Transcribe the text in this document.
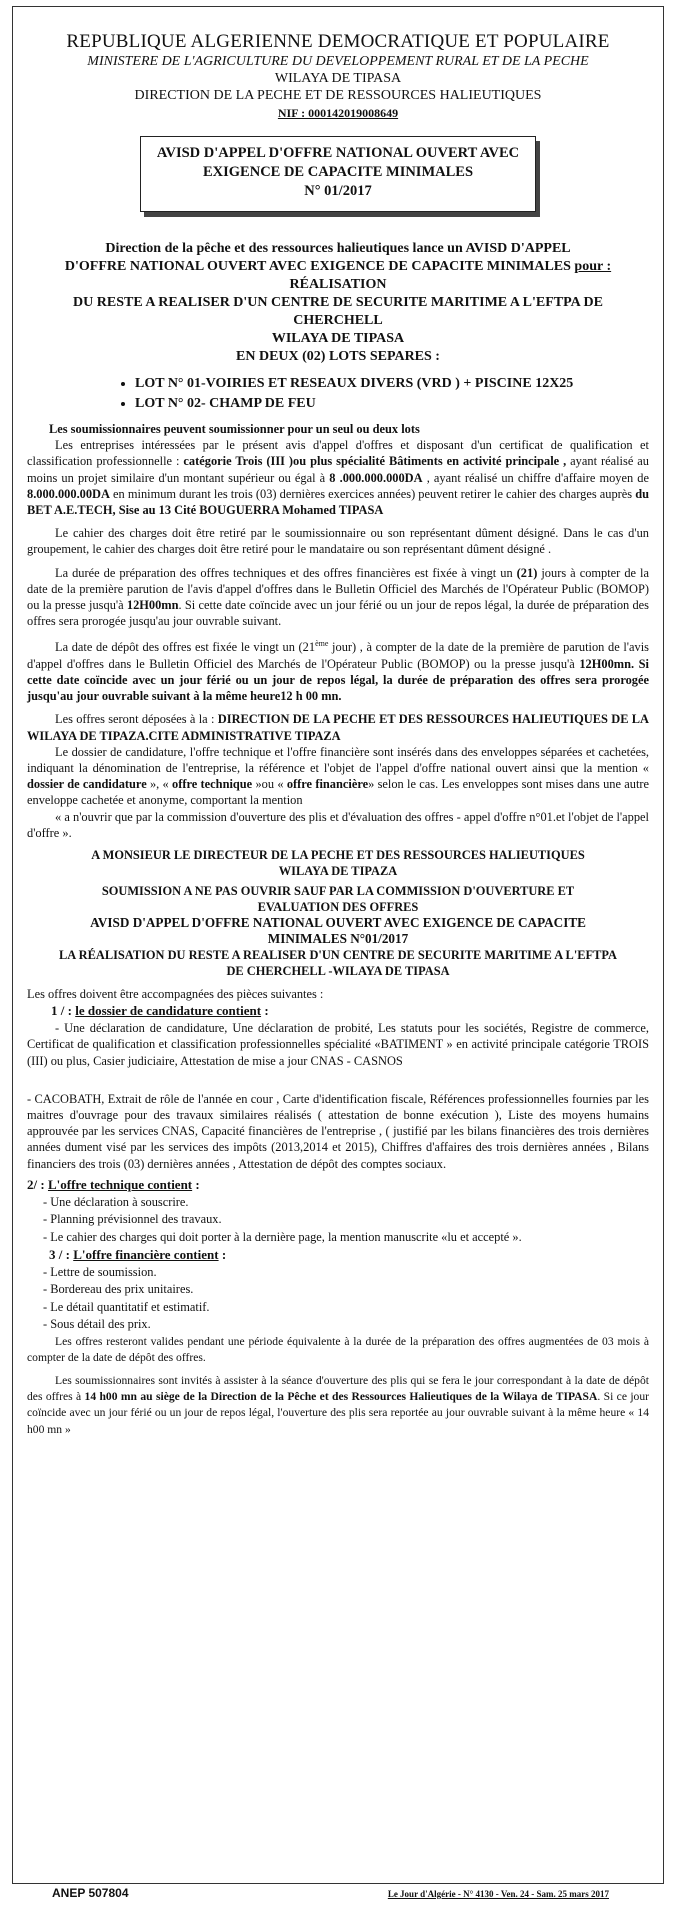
REPUBLIQUE ALGERIENNE DEMOCRATIQUE ET POPULAIRE
MINISTERE DE L'AGRICULTURE DU DEVELOPPEMENT RURAL ET DE LA PECHE
WILAYA DE TIPASA
DIRECTION DE LA PECHE ET DE RESSOURCES HALIEUTIQUES
NIF : 000142019008649
AVISD D'APPEL D'OFFRE NATIONAL OUVERT AVEC
EXIGENCE DE CAPACITE MINIMALES
N° 01/2017
Direction de la pêche et des ressources halieutiques lance un AVISD D'APPEL
D'OFFRE NATIONAL OUVERT AVEC EXIGENCE DE CAPACITE MINIMALES pour : RÉALISATION
DU RESTE A REALISER D'UN CENTRE DE SECURITE MARITIME A L'EFTPA DE CHERCHELL
WILAYA DE TIPASA
EN DEUX (02) LOTS SEPARES :
• LOT N° 01-VOIRIES ET RESEAUX DIVERS (VRD ) + PISCINE 12X25
• LOT N° 02- CHAMP DE FEU

Les soumissionnaires peuvent soumissionner pour un seul ou deux lots

Les entreprises intéressées par le présent avis d'appel d'offres et disposant d'un certificat de qualification et classification professionnelle : catégorie Trois (III )ou plus spécialité Bâtiments en activité principale , ayant réalisé au moins un projet similaire d'un montant supérieur ou égal à 8 .000.000.000DA , ayant réalisé un chiffre d'affaire moyen de 8.000.000.00DA en minimum durant les trois (03) dernières exercices années) peuvent retirer le cahier des charges auprès du BET A.E.TECH, Sise au 13 Cité BOUGUERRA Mohamed TIPASA

Le cahier des charges doit être retiré par le soumissionnaire ou son représentant dûment désigné. Dans le cas d'un groupement, le cahier des charges doit être retiré pour le mandataire ou son représentant dûment désigné .

La durée de préparation des offres techniques et des offres financières est fixée à vingt un (21) jours à compter de la date de la première parution de l'avis d'appel d'offres dans le Bulletin Officiel des Marchés de l'Opérateur Public (BOMOP) ou la presse jusqu'à 12H00mn. Si cette date coïncide avec un jour férié ou un jour de repos légal, la durée de préparation des offres sera prorogée jusqu'au jour ouvrable suivant.

La date de dépôt des offres est fixée le vingt un (21ème jour) , à compter de la date de la première de parution de l'avis d'appel d'offres dans le Bulletin Officiel des Marchés de l'Opérateur Public (BOMOP) ou la presse jusqu'à 12H00mn. Si cette date coïncide avec un jour férié ou un jour de repos légal, la durée de préparation des offres sera prorogée jusqu'au jour ouvrable suivant à la même heure12 h 00 mn.

Les offres seront déposées à la : DIRECTION DE LA PECHE ET DES RESSOURCES HALIEUTIQUES DE LA WILAYA DE TIPAZA.CITE ADMINISTRATIVE TIPAZA

Le dossier de candidature, l'offre technique et l'offre financière sont insérés dans des enveloppes séparées et cachetées, indiquant la dénomination de l'entreprise, la référence et l'objet de l'appel d'offre national ouvert ainsi que la mention « dossier de candidature », « offre technique »ou « offre financière» selon le cas. Les enveloppes sont mises dans une autre enveloppe cachetée et anonyme, comportant la mention

« a n'ouvrir que par la commission d'ouverture des plis et d'évaluation des offres - appel d'offre n°01.et l'objet de l'appel d'offre ».

A MONSIEUR LE DIRECTEUR DE LA PECHE ET DES RESSOURCES HALIEUTIQUES
WILAYA DE TIPAZA
SOUMISSION A NE PAS OUVRIR SAUF PAR LA COMMISSION D'OUVERTURE ET
EVALUATION DES OFFRES
AVISD D'APPEL D'OFFRE NATIONAL OUVERT AVEC EXIGENCE DE CAPACITE
MINIMALES N°01/2017
LA RÉALISATION DU RESTE A REALISER D'UN CENTRE DE SECURITE MARITIME A L'EFTPA
DE CHERCHELL -WILAYA DE TIPASA

Les offres doivent être accompagnées des pièces suivantes :

1 / : le dossier de candidature contient :

- Une déclaration de candidature, Une déclaration de probité, Les statuts pour les sociétés, Registre de commerce, Certificat de qualification et classification professionnelles spécialité «BATIMENT » en activité principale catégorie TROIS (III) ou plus, Casier judiciaire, Attestation de mise a jour CNAS - CASNOS

- CACOBATH, Extrait de rôle de l'année en cour , Carte d'identification fiscale, Références professionnelles fournies par les maitres d'ouvrage pour des travaux similaires réalisés ( attestation de bonne exécution ), Liste des moyens humains approuvée par les services CNAS, Capacité financières de l'entreprise , ( justifié par les bilans financières des trois dernières années dument visé par les services des impôts (2013,2014 et 2015), Chiffres d'affaires des trois dernières années , Bilans financiers des trois (03) dernières années , Attestation de dépôt des comptes sociaux.

2/ : L'offre technique contient :
- Une déclaration à souscrire.
- Planning prévisionnel des travaux.
- Le cahier des charges qui doit porter à la dernière page, la mention manuscrite «lu et accepté ».
3 / : L'offre financière contient :
- Lettre de soumission.
- Bordereau des prix unitaires.
- Le détail quantitatif et estimatif.
- Sous détail des prix.

Les offres resteront valides pendant une période équivalente à la durée de la préparation des offres augmentées de 03 mois à compter de la date de dépôt des offres.

Les soumissionnaires sont invités à assister à la séance d'ouverture des plis qui se fera le jour correspondant à la date de dépôt des offres à 14 h00 mn au siège de la Direction de la Pêche et des Ressources Halieutiques de la Wilaya de TIPASA. Si ce jour coïncide avec un jour férié ou un jour de repos légal, l'ouverture des plis sera reportée au jour ouvrable suivant à la même heure « 14 h00 mn »

ANEP 507804	Le Jour d'Algérie - N° 4130 - Ven. 24 - Sam. 25 mars 2017
